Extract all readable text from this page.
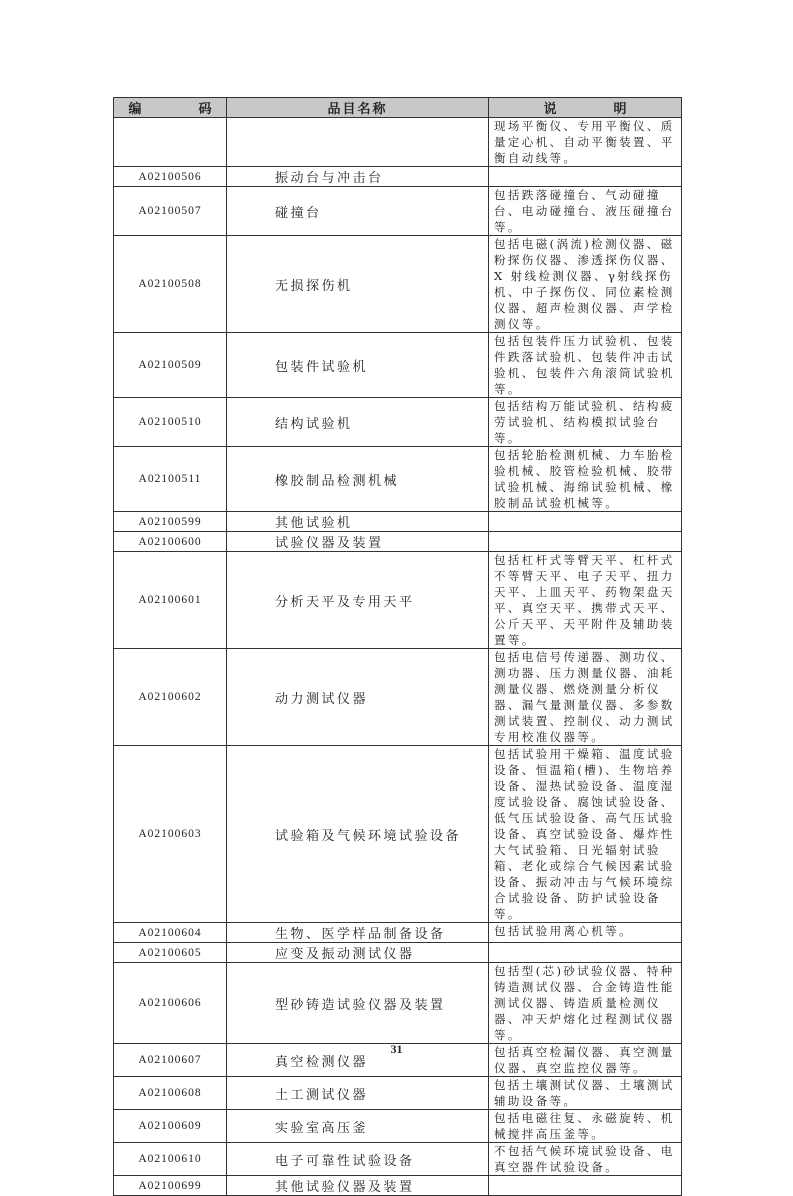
编　码	品目名称	说　明
		现场平衡仪、专用平衡仪、质量定心机、自动平衡装置、平衡自动线等。
A02100506	振动台与冲击台	
A02100507	碰撞台	包括跌落碰撞台、气动碰撞台、电动碰撞台、液压碰撞台等。
A02100508	无损探伤机	包括电磁(涡流)检测仪器、磁粉探伤仪器、渗透探伤仪器、X 射线检测仪器、γ射线探伤机、中子探伤仪、同位素检测仪器、超声检测仪器、声学检测仪等。
A02100509	包装件试验机	包括包装件压力试验机、包装件跌落试验机、包装件冲击试验机、包装件六角滚筒试验机等。
A02100510	结构试验机	包括结构万能试验机、结构疲劳试验机、结构模拟试验台等。
A02100511	橡胶制品检测机械	包括轮胎检测机械、力车胎检验机械、胶管检验机械、胶带试验机械、海绵试验机械、橡胶制品试验机械等。
A02100599	其他试验机	
A02100600	试验仪器及装置	
A02100601	分析天平及专用天平	包括杠杆式等臂天平、杠杆式不等臂天平、电子天平、扭力天平、上皿天平、药物架盘天平、真空天平、携带式天平、公斤天平、天平附件及辅助装置等。
A02100602	动力测试仪器	包括电信号传递器、测功仪、测功器、压力测量仪器、油耗测量仪器、燃烧测量分析仪器、漏气量测量仪器、多参数测试装置、控制仪、动力测试专用校准仪器等。
A02100603	试验箱及气候环境试验设备	包括试验用干燥箱、温度试验设备、恒温箱(槽)、生物培养设备、湿热试验设备、温度湿度试验设备、腐蚀试验设备、低气压试验设备、高气压试验设备、真空试验设备、爆炸性大气试验箱、日光辐射试验箱、老化或综合气候因素试验设备、振动冲击与气候环境综合试验设备、防护试验设备等。
A02100604	生物、医学样品制备设备	包括试验用离心机等。
A02100605	应变及振动测试仪器	
A02100606	型砂铸造试验仪器及装置	包括型(芯)砂试验仪器、特种铸造测试仪器、合金铸造性能测试仪器、铸造质量检测仪器、冲天炉熔化过程测试仪器等。
A02100607	真空检测仪器	包括真空检漏仪器、真空测量仪器、真空监控仪器等。
A02100608	土工测试仪器	包括土壤测试仪器、土壤测试辅助设备等。
A02100609	实验室高压釜	包括电磁往复、永磁旋转、机械搅拌高压釜等。
A02100610	电子可靠性试验设备	不包括气候环境试验设备、电真空器件试验设备。
A02100699	其他试验仪器及装置	
31
